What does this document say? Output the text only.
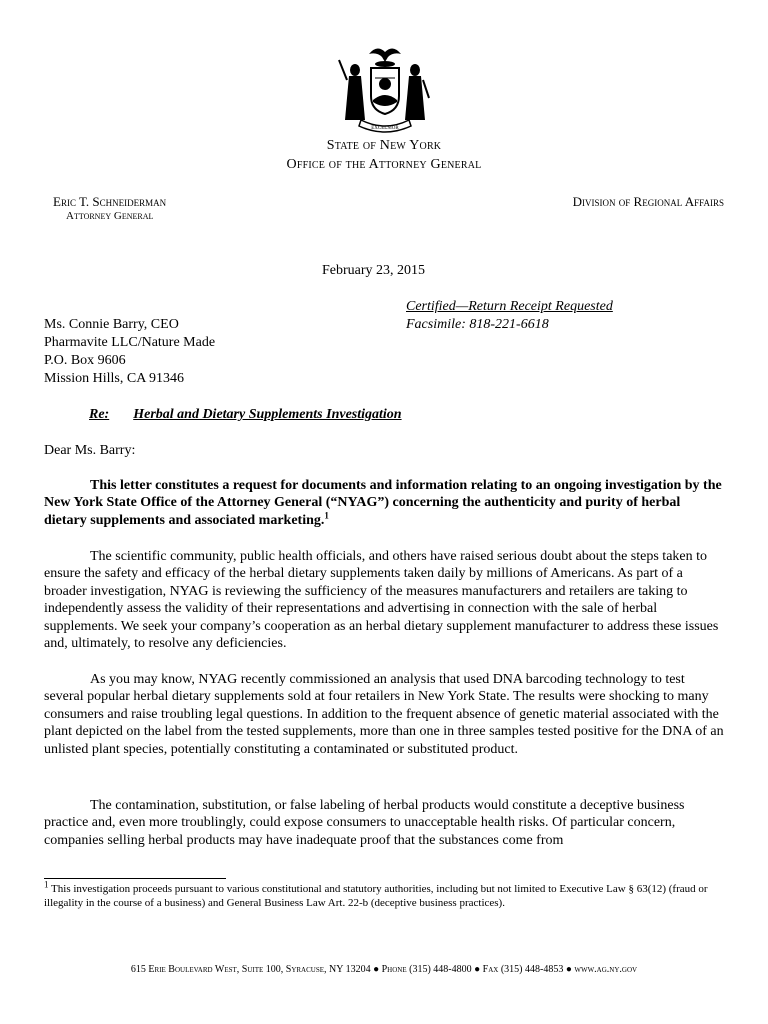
EXCELSIOR
State of New York
Office of the Attorney General
Eric T. Schneiderman
Attorney General
Division of Regional Affairs
February 23, 2015
Certified—Return Receipt Requested
Facsimile: 818-221-6618
Ms. Connie Barry, CEO
Pharmavite LLC/Nature Made
P.O. Box 9606
Mission Hills, CA 91346
Re: Herbal and Dietary Supplements Investigation
Dear Ms. Barry:
This letter constitutes a request for documents and information relating to an ongoing investigation by the New York State Office of the Attorney General (“NYAG”) concerning the authenticity and purity of herbal dietary supplements and associated marketing.$^1$
The scientific community, public health officials, and others have raised serious doubt about the steps taken to ensure the safety and efficacy of the herbal dietary supplements taken daily by millions of Americans. As part of a broader investigation, NYAG is reviewing the sufficiency of the measures manufacturers and retailers are taking to independently assess the validity of their representations and advertising in connection with the sale of herbal supplements. We seek your company’s cooperation as an herbal dietary supplement manufacturer to address these issues and, ultimately, to resolve any deficiencies.
As you may know, NYAG recently commissioned an analysis that used DNA barcoding technology to test several popular herbal dietary supplements sold at four retailers in New York State. The results were shocking to many consumers and raise troubling legal questions. In addition to the frequent absence of genetic material associated with the plant depicted on the label from the tested supplements, more than one in three samples tested positive for the DNA of an unlisted plant species, potentially constituting a contaminated or substituted product.
The contamination, substitution, or false labeling of herbal products would constitute a deceptive business practice and, even more troublingly, could expose consumers to unacceptable health risks. Of particular concern, companies selling herbal products may have inadequate proof that the substances come from
$^1$ This investigation proceeds pursuant to various constitutional and statutory authorities, including but not limited to Executive Law § 63(12) (fraud or illegality in the course of a business) and General Business Law Art. 22-b (deceptive business practices).
615 Erie Boulevard West, Suite 100, Syracuse, NY 13204 ● Phone (315) 448-4800 ● Fax (315) 448-4853 ● www.ag.ny.gov
